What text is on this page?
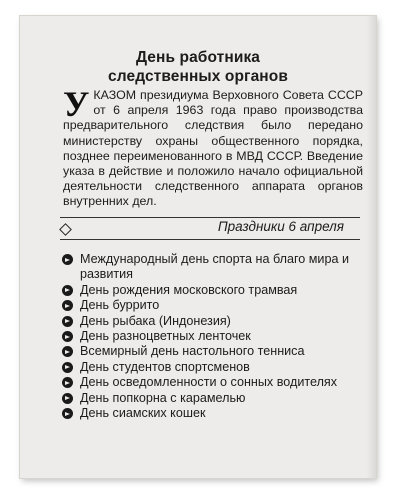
День работника
следственных органов
УКАЗОМ президиума Верховного Совета СССР от 6 апреля 1963 года право производства предварительного следствия было передано министерству охраны общественного порядка, позднее переименованного в МВД СССР. Введение указа в действие и положило начало официальной деятельности следственного аппарата органов внутренних дел.
Праздники 6 апреля
Международный день спорта на благо мира и развития
День рождения московского трамвая
День буррито
День рыбака (Индонезия)
День разноцветных ленточек
Всемирный день настольного тенниса
День студентов спортсменов
День осведомленности о сонных водителях
День попкорна с карамелью
День сиамских кошек
